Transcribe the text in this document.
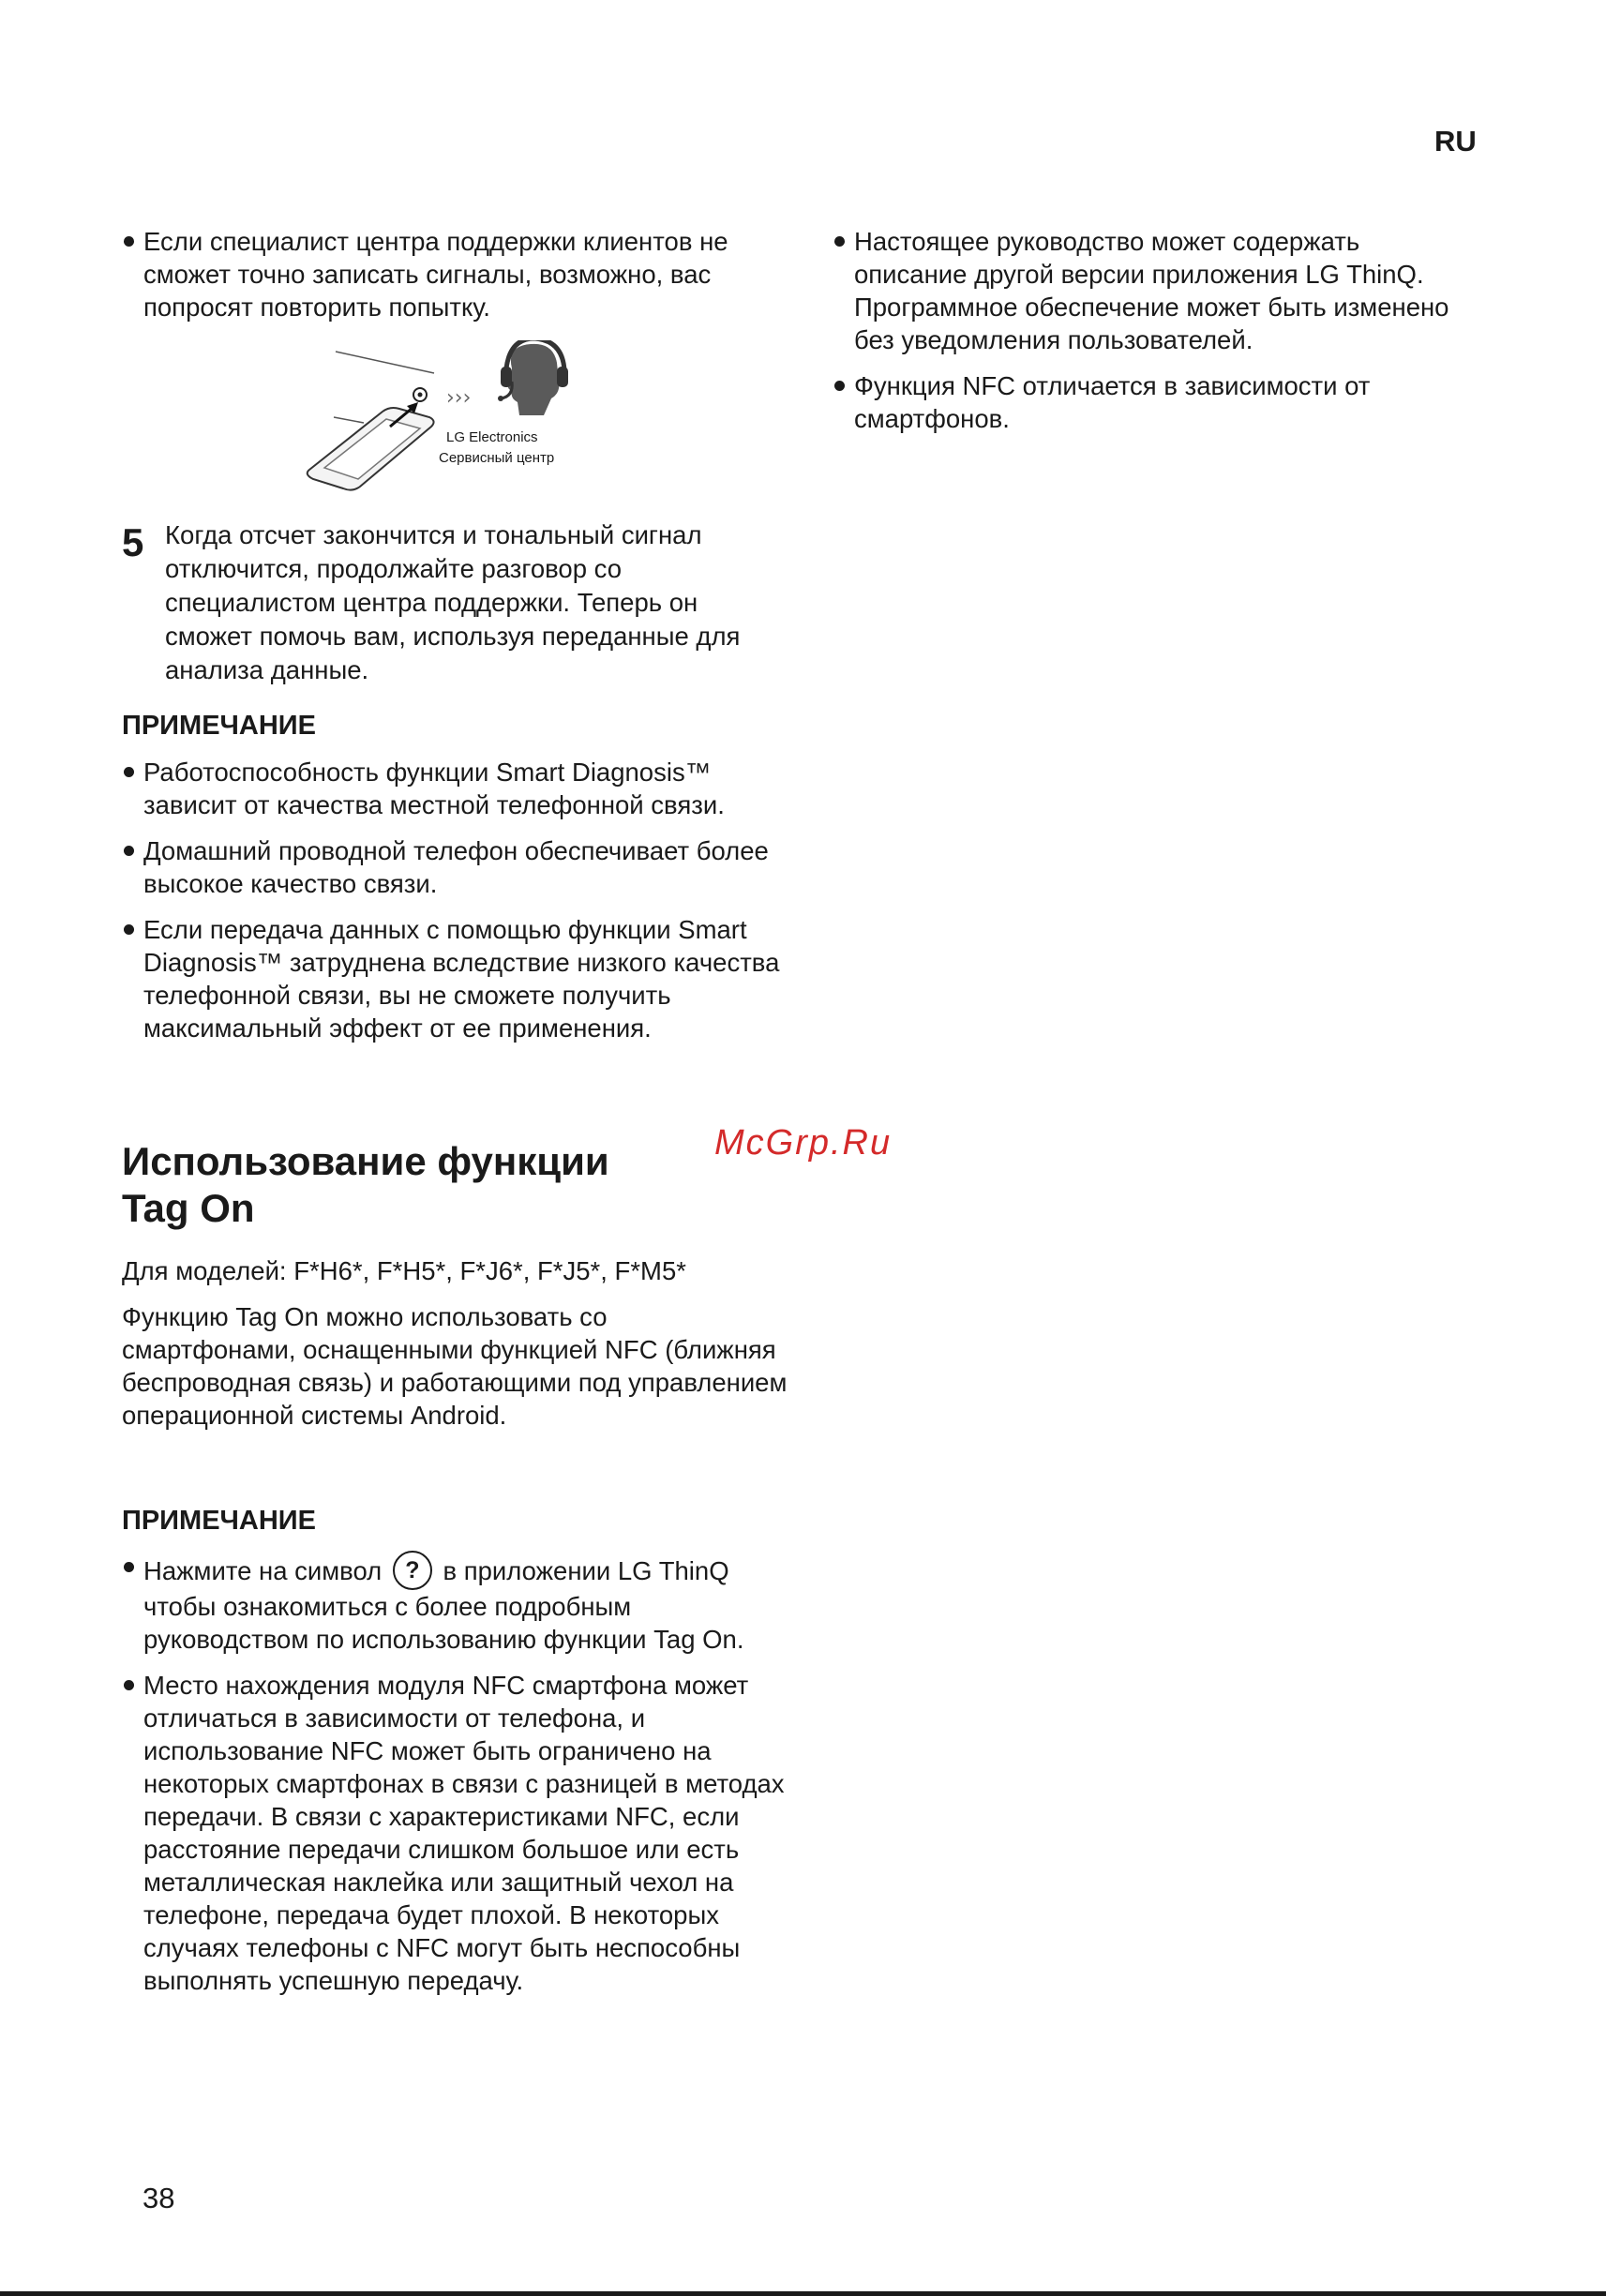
RU
Если специалист центра поддержки клиентов не сможет точно записать сигналы, возможно, вас попросят повторить попытку.
›››
LG Electronics
Сервисный центр
5 Когда отсчет закончится и тональный сигнал отключится, продолжайте разговор со специалистом центра поддержки. Теперь он сможет помочь вам, используя переданные для анализа данные.
ПРИМЕЧАНИЕ
Работоспособность функции Smart Diagnosis™ зависит от качества местной телефонной связи.
Домашний проводной телефон обеспечивает более высокое качество связи.
Если передача данных с помощью функции Smart Diagnosis™ затруднена вследствие низкого качества телефонной связи, вы не сможете получить максимальный эффект от ее применения.
Использование функции Tag On

Для моделей: F*H6*, F*H5*, F*J6*, F*J5*, F*M5*

Функцию Tag On можно использовать со смартфонами, оснащенными функцией NFC (ближняя беспроводная связь) и работающими под управлением операционной системы Android.

ПРИМЕЧАНИЕ
Нажмите на символ ? в приложении LG ThinQ чтобы ознакомиться с более подробным руководством по использованию функции Tag On.
Место нахождения модуля NFC смартфона может отличаться в зависимости от телефона, и использование NFC может быть ограничено на некоторых смартфонах в связи с разницей в методах передачи. В связи с характеристиками NFC, если расстояние передачи слишком большое или есть металлическая наклейка или защитный чехол на телефоне, передача будет плохой. В некоторых случаях телефоны с NFC могут быть неспособны выполнять успешную передачу.
Настоящее руководство может содержать описание другой версии приложения LG ThinQ. Программное обеспечение может быть изменено без уведомления пользователей.
Функция NFC отличается в зависимости от смартфонов.
McGrp.Ru
38
